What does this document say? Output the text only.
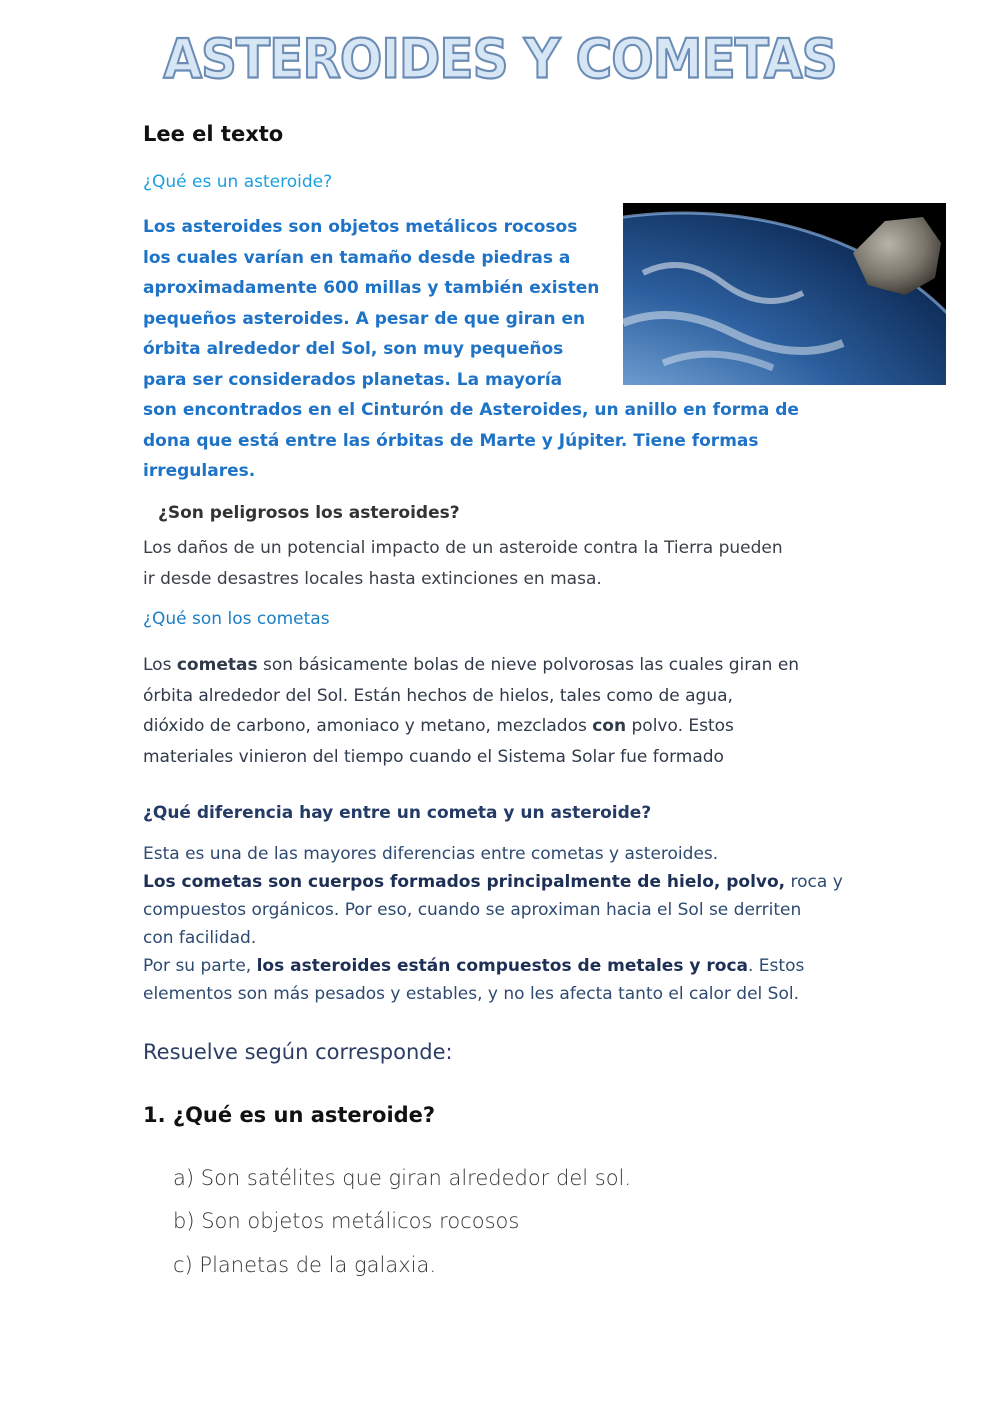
ASTEROIDES Y COMETAS
Lee el texto
¿Qué es un asteroide?
Los asteroides son objetos metálicos rocosos
los cuales varían en tamaño desde piedras a
aproximadamente 600 millas y también existen
pequeños asteroides. A pesar de que giran en
órbita alrededor del Sol, son muy pequeños
para ser considerados planetas. La mayoría
son encontrados en el Cinturón de Asteroides, un anillo en forma de
dona que está entre las órbitas de Marte y Júpiter. Tiene formas
irregulares.
¿Son peligrosos los asteroides?
Los daños de un potencial impacto de un asteroide contra la Tierra pueden
ir desde desastres locales hasta extinciones en masa.
¿Qué son los cometas
Los cometas son básicamente bolas de nieve polvorosas las cuales giran en
órbita alrededor del Sol. Están hechos de hielos, tales como de agua,
dióxido de carbono, amoniaco y metano, mezclados con polvo. Estos
materiales vinieron del tiempo cuando el Sistema Solar fue formado
¿Qué diferencia hay entre un cometa y un asteroide?
Esta es una de las mayores diferencias entre cometas y asteroides.
Los cometas son cuerpos formados principalmente de hielo, polvo, roca y
compuestos orgánicos. Por eso, cuando se aproximan hacia el Sol se derriten
con facilidad.
Por su parte, los asteroides están compuestos de metales y roca. Estos
elementos son más pesados y estables, y no les afecta tanto el calor del Sol.
Resuelve según corresponde:
1. ¿Qué es un asteroide?
a) Son satélites que giran alrededor del sol.
b) Son objetos metálicos rocosos
c) Planetas de la galaxia.
